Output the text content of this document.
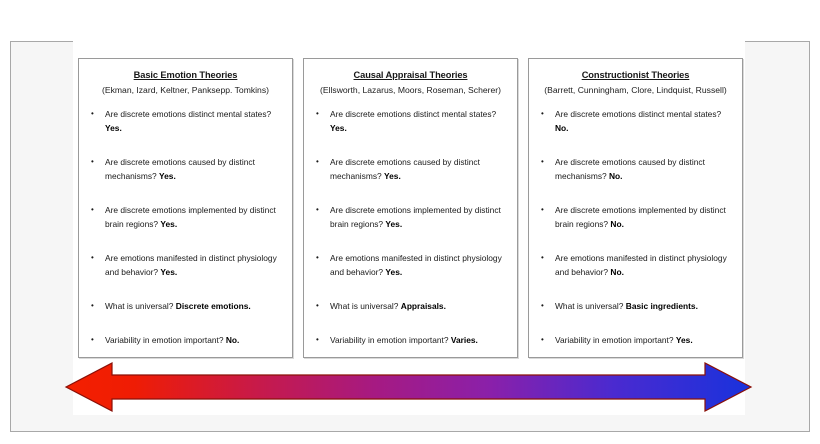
Basic Emotion Theories
(Ekman, Izard, Keltner, Panksepp. Tomkins)
• Are discrete emotions distinct mental states? Yes.
• Are discrete emotions caused by distinct mechanisms? Yes.
• Are discrete emotions implemented by distinct brain regions? Yes.
• Are emotions manifested in distinct physiology and behavior? Yes.
• What is universal? Discrete emotions.
• Variability in emotion important? No.
Causal Appraisal Theories
(Ellsworth, Lazarus, Moors, Roseman, Scherer)
• Are discrete emotions distinct mental states? Yes.
• Are discrete emotions caused by distinct mechanisms? Yes.
• Are discrete emotions implemented by distinct brain regions? Yes.
• Are emotions manifested in distinct physiology and behavior? Yes.
• What is universal? Appraisals.
• Variability in emotion important? Varies.
Constructionist Theories
(Barrett, Cunningham, Clore, Lindquist, Russell)
• Are discrete emotions distinct mental states? No.
• Are discrete emotions caused by distinct mechanisms? No.
• Are discrete emotions implemented by distinct brain regions? No.
• Are emotions manifested in distinct physiology and behavior? No.
• What is universal? Basic ingredients.
• Variability in emotion important? Yes.
